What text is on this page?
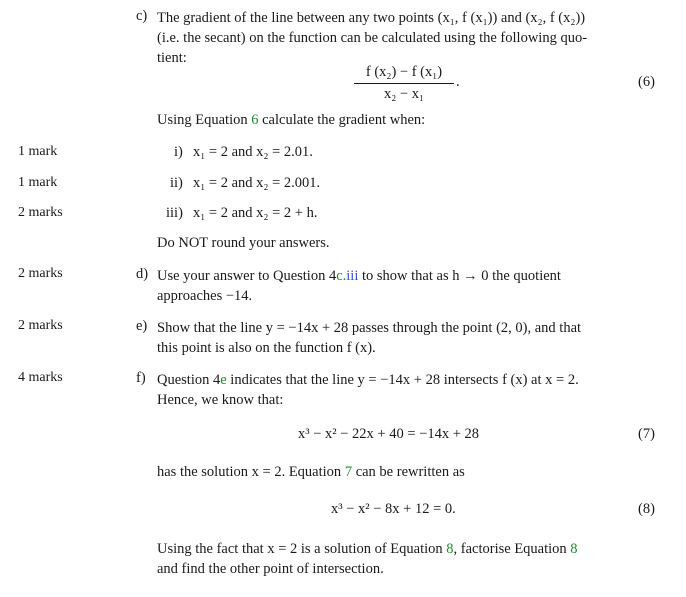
c) The gradient of the line between any two points (x₁, f (x₁)) and (x₂, f (x₂))
(i.e. the secant) on the function can be calculated using the following quo-
tient:
$\frac{\text{f (x₂) − f (x₁)}}{\text{x₂ − x₁}}$ .	(6)
Using Equation 6 calculate the gradient when:
1 mark	i) x₁ = 2 and x₂ = 2.01.
1 mark	ii) x₁ = 2 and x₂ = 2.001.
2 marks	iii) x₁ = 2 and x₂ = 2 + h.
Do NOT round your answers.
2 marks	d) Use your answer to Question 4c.iii to show that as h → 0 the quotient
approaches −14.
2 marks	e) Show that the line y = −14x + 28 passes through the point (2, 0), and that
this point is also on the function f (x).
4 marks	f) Question 4e indicates that the line y = −14x + 28 intersects f (x) at x = 2.
Hence, we know that:
x³ − x² − 22x + 40 = −14x + 28	(7)
has the solution x = 2. Equation 7 can be rewritten as
x³ − x² − 8x + 12 = 0.	(8)
Using the fact that x = 2 is a solution of Equation 8, factorise Equation 8
and find the other point of intersection.
